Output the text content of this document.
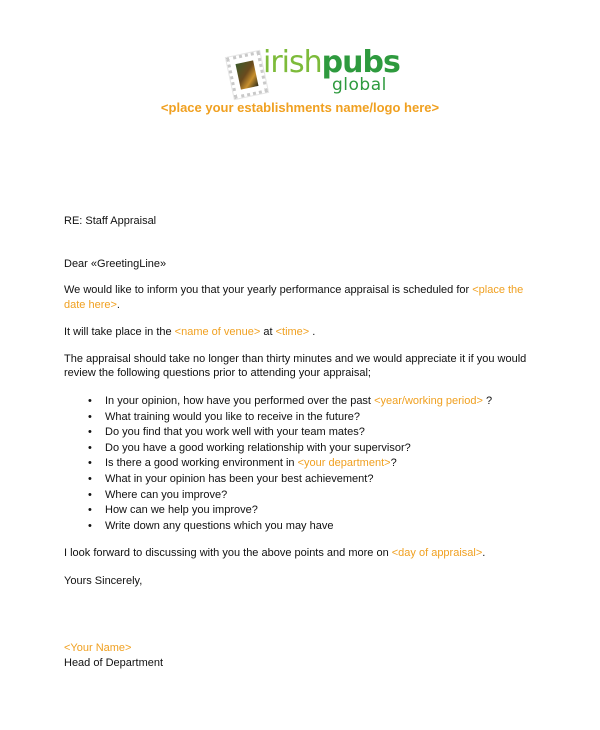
irishpubs
global
<place your establishments name/logo here>
RE: Staff Appraisal
Dear «GreetingLine»
We would like to inform you that your yearly performance appraisal is scheduled for <place the
date here>.
It will take place in the <name of venue> at <time> .
The appraisal should take no longer than thirty minutes and we would appreciate it if you would
review the following questions prior to attending your appraisal;
• In your opinion, how have you performed over the past <year/working period> ?
• What training would you like to receive in the future?
• Do you find that you work well with your team mates?
• Do you have a good working relationship with your supervisor?
• Is there a good working environment in <your department>?
• What in your opinion has been your best achievement?
• Where can you improve?
• How can we help you improve?
• Write down any questions which you may have
I look forward to discussing with you the above points and more on <day of appraisal>.
Yours Sincerely,
<Your Name>
Head of Department
